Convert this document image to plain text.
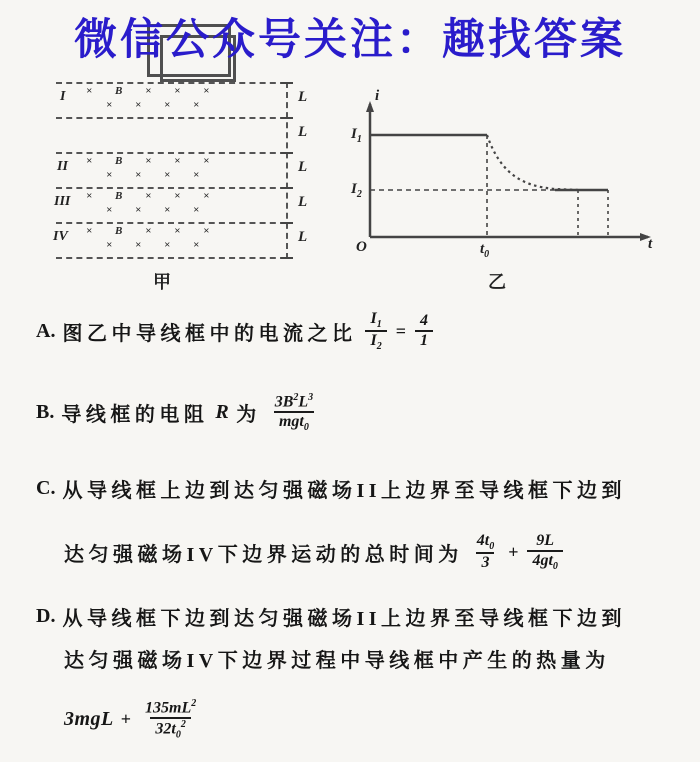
微信公众号关注：趣找答案
I
II
III
IV
× B × × ×
× × × ×
× B × × ×
× × × ×
× B × × ×
× × × ×
× B × × ×
× × × ×
L
L
L
L
L
甲
i
$I_1$
$I_2$
O	$t_0$
t
乙
A. 图乙中导线框中的电流之比 $\frac{I_1}{I_2} = \frac{4}{1}$
B. 导线框的电阻 R 为 $\frac{3B^2L^3}{mgt_0}$
C. 从导线框上边到达匀强磁场II上边界至导线框下边到
达匀强磁场IV下边界运动的总时间为 $\frac{4t_0}{3} + \frac{9L}{4gt_0}$
D. 从导线框下边到达匀强磁场II上边界至导线框下边到
达匀强磁场IV下边界过程中导线框中产生的热量为
$3mgL + \frac{135mL^2}{32t_0^2}$
